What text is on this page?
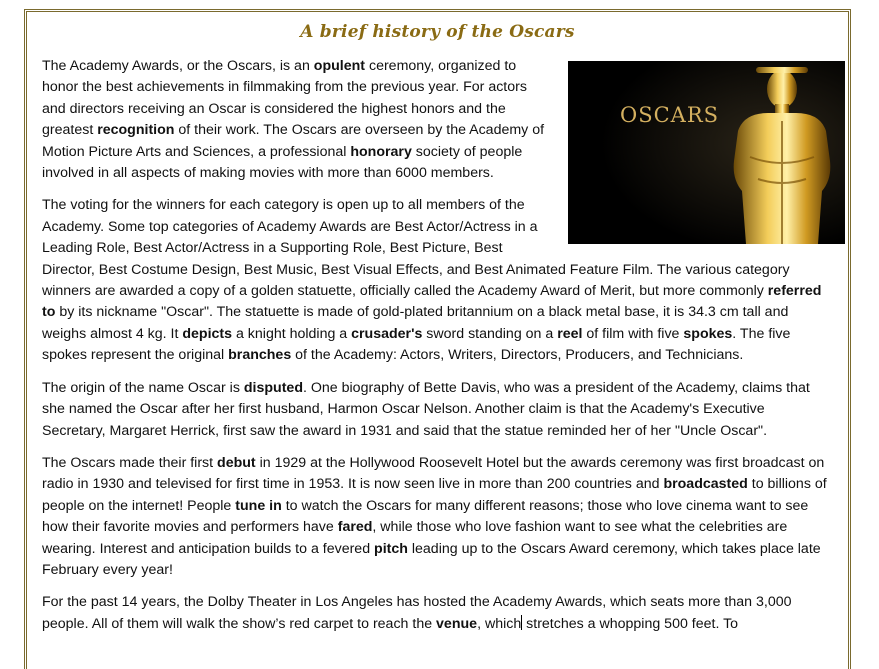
A brief history of the Oscars
OSCARS

The Academy Awards, or the Oscars, is an opulent ceremony, organized to honor the best achievements in filmmaking from the previous year. For actors and directors receiving an Oscar is considered the highest honors and the greatest recognition of their work. The Oscars are overseen by the Academy of Motion Picture Arts and Sciences, a professional honorary society of people involved in all aspects of making movies with more than 6000 members.

The voting for the winners for each category is open up to all members of the Academy. Some top categories of Academy Awards are Best Actor/Actress in a Leading Role, Best Actor/Actress in a Supporting Role, Best Picture, Best Director, Best Costume Design, Best Music, Best Visual Effects, and Best Animated Feature Film. The various category winners are awarded a copy of a golden statuette, officially called the Academy Award of Merit, but more commonly referred to by its nickname "Oscar". The statuette is made of gold-plated britannium on a black metal base, it is 34.3 cm tall and weighs almost 4 kg. It depicts a knight holding a crusader's sword standing on a reel of film with five spokes. The five spokes represent the original branches of the Academy: Actors, Writers, Directors, Producers, and Technicians.

The origin of the name Oscar is disputed. One biography of Bette Davis, who was a president of the Academy, claims that she named the Oscar after her first husband, Harmon Oscar Nelson. Another claim is that the Academy's Executive Secretary, Margaret Herrick, first saw the award in 1931 and said that the statue reminded her of her "Uncle Oscar".

The Oscars made their first debut in 1929 at the Hollywood Roosevelt Hotel but the awards ceremony was first broadcast on radio in 1930 and televised for first time in 1953. It is now seen live in more than 200 countries and broadcasted to billions of people on the internet! People tune in to watch the Oscars for many different reasons; those who love cinema want to see how their favorite movies and performers have fared, while those who love fashion want to see what the celebrities are wearing. Interest and anticipation builds to a fevered pitch leading up to the Oscars Award ceremony, which takes place late February every year!

For the past 14 years, the Dolby Theater in Los Angeles has hosted the Academy Awards, which seats more than 3,000 people. All of them will walk the show’s red carpet to reach the venue, which stretches a whopping 500 feet. To
